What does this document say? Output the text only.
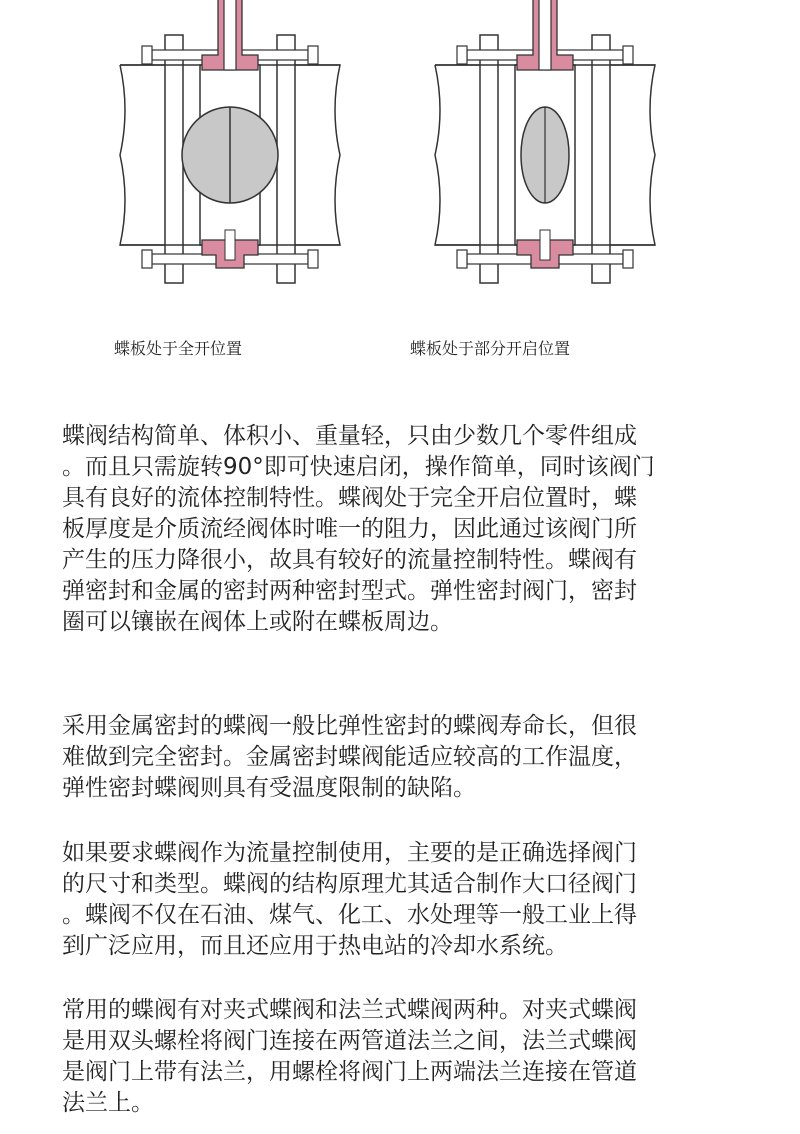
蝶板处于全开位置	蝶板处于部分开启位置
蝶阀结构简单、体积小、重量轻，只由少数几个零件组成
。而且只需旋转90°即可快速启闭，操作简单，同时该阀门
具有良好的流体控制特性。蝶阀处于完全开启位置时，蝶
板厚度是介质流经阀体时唯一的阻力，因此通过该阀门所
产生的压力降很小，故具有较好的流量控制特性。蝶阀有
弹密封和金属的密封两种密封型式。弹性密封阀门，密封
圈可以镶嵌在阀体上或附在蝶板周边。
采用金属密封的蝶阀一般比弹性密封的蝶阀寿命长，但很
难做到完全密封。金属密封蝶阀能适应较高的工作温度，
弹性密封蝶阀则具有受温度限制的缺陷。
如果要求蝶阀作为流量控制使用，主要的是正确选择阀门
的尺寸和类型。蝶阀的结构原理尤其适合制作大口径阀门
。蝶阀不仅在石油、煤气、化工、水处理等一般工业上得
到广泛应用，而且还应用于热电站的冷却水系统。
常用的蝶阀有对夹式蝶阀和法兰式蝶阀两种。对夹式蝶阀
是用双头螺栓将阀门连接在两管道法兰之间，法兰式蝶阀
是阀门上带有法兰，用螺栓将阀门上两端法兰连接在管道
法兰上。
